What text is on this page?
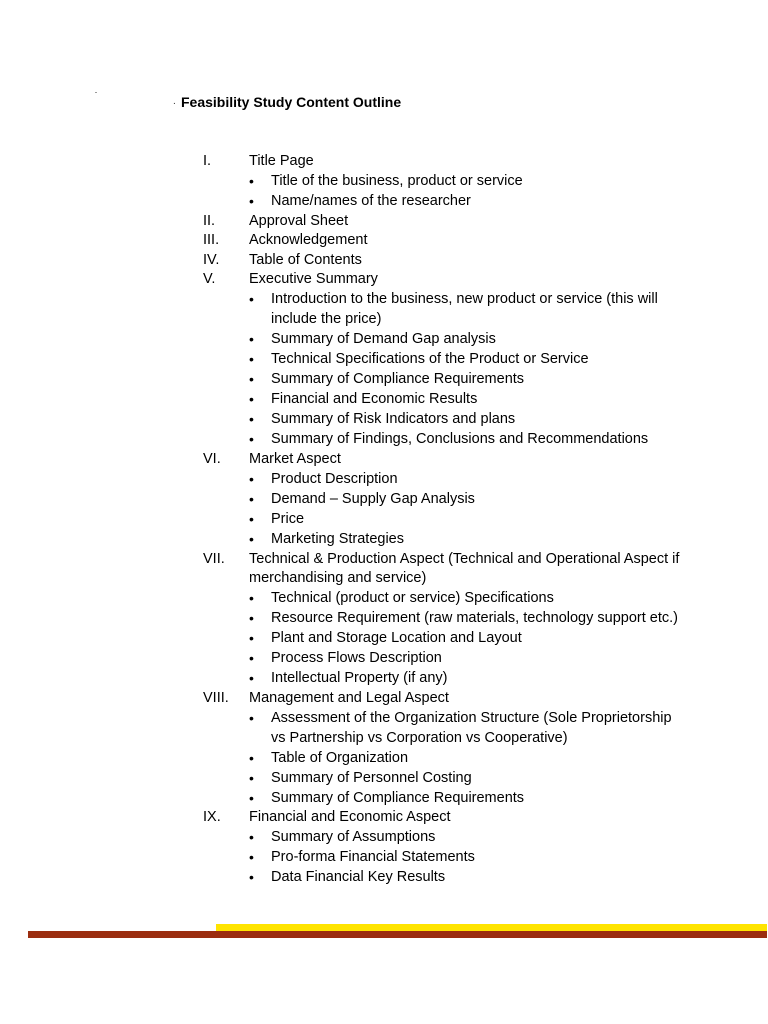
. Feasibility Study Content Outline
I.	Title Page
• Title of the business, product or service
• Name/names of the researcher
II.	Approval Sheet
III.	Acknowledgement
IV.	Table of Contents
V.	Executive Summary
• Introduction to the business, new product or service (this will include the price)
• Summary of Demand Gap analysis
• Technical Specifications of the Product or Service
• Summary of Compliance Requirements
• Financial and Economic Results
• Summary of Risk Indicators and plans
• Summary of Findings, Conclusions and Recommendations
VI.	Market Aspect
• Product Description
• Demand – Supply Gap Analysis
• Price
• Marketing Strategies
VII.	Technical & Production Aspect (Technical and Operational Aspect if merchandising and service)
• Technical (product or service) Specifications
• Resource Requirement (raw materials, technology support etc.)
• Plant and Storage Location and Layout
• Process Flows Description
• Intellectual Property (if any)
VIII.	Management and Legal Aspect
• Assessment of the Organization Structure (Sole Proprietorship vs Partnership vs Corporation vs Cooperative)
• Table of Organization
• Summary of Personnel Costing
• Summary of Compliance Requirements
IX.	Financial and Economic Aspect
• Summary of Assumptions
• Pro-forma Financial Statements
• Data Financial Key Results
